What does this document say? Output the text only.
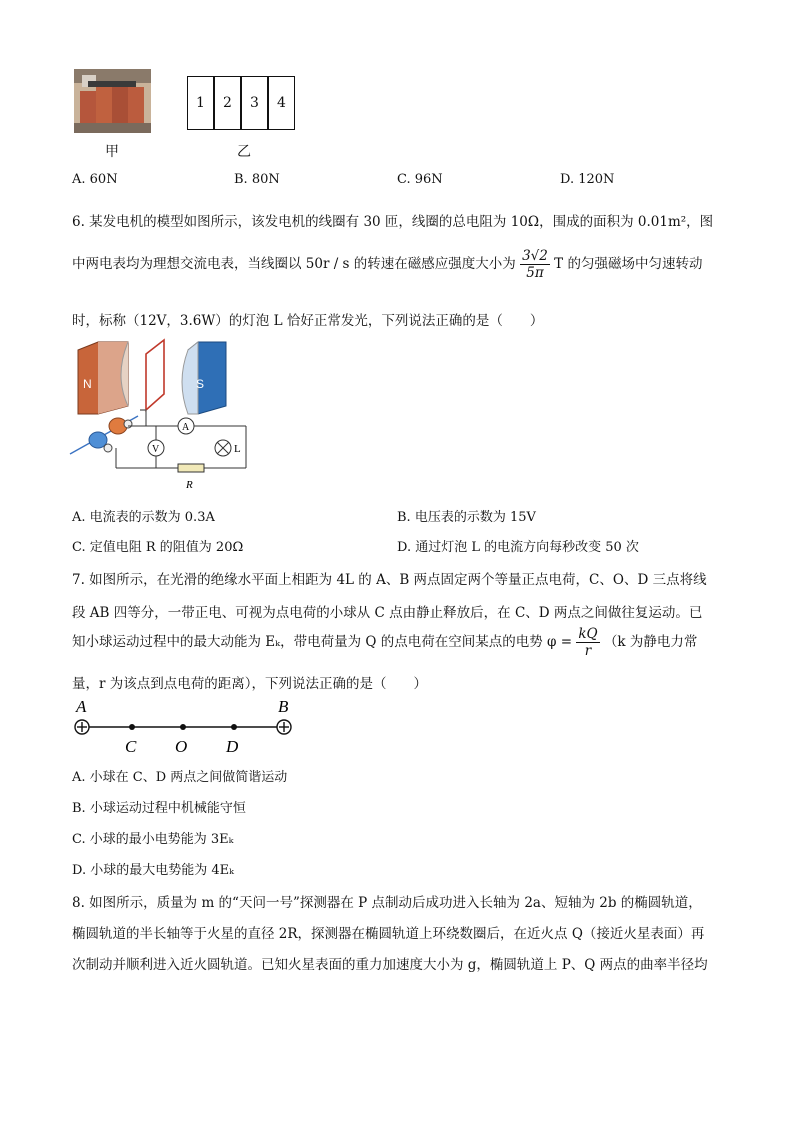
甲
1	2	3	4
乙
A. 60N	B. 80N	C. 96N	D. 120N
6. 某发电机的模型如图所示，该发电机的线圈有 30 匝，线圈的总电阻为 10Ω，围成的面积为 0.01m²，图
中两电表均为理想交流电表，当线圈以 50r / s 的转速在磁感应强度大小为 $\frac{3√2}{5\pi}$ T 的匀强磁场中匀速转动
时，标称（12V，3.6W）的灯泡 L 恰好正常发光，下列说法正确的是（　　）
N	S
V
A
L
R
A. 电流表的示数为 0.3A	B. 电压表的示数为 15V
C. 定值电阻 R 的阻值为 20Ω	D. 通过灯泡 L 的电流方向每秒改变 50 次
7. 如图所示，在光滑的绝缘水平面上相距为 4L 的 A、B 两点固定两个等量正点电荷，C、O、D 三点将线
段 AB 四等分，一带正电、可视为点电荷的小球从 C 点由静止释放后，在 C、D 两点之间做往复运动。已
知小球运动过程中的最大动能为 Eₖ，带电荷量为 Q 的点电荷在空间某点的电势 $\varphi = \frac{kQ}{r} (k$ 为静电力常
量，r 为该点到点电荷的距离），下列说法正确的是（　　）
A	B
C O D
A. 小球在 C、D 两点之间做简谐运动
B. 小球运动过程中机械能守恒
C. 小球的最小电势能为 3Eₖ
D. 小球的最大电势能为 4Eₖ
8. 如图所示，质量为 m 的“天问一号”探测器在 P 点制动后成功进入长轴为 2a、短轴为 2b 的椭圆轨道，
椭圆轨道的半长轴等于火星的直径 2R，探测器在椭圆轨道上环绕数圈后，在近火点 Q（接近火星表面）再
次制动并顺利进入近火圆轨道。已知火星表面的重力加速度大小为 g，椭圆轨道上 P、Q 两点的曲率半径均
